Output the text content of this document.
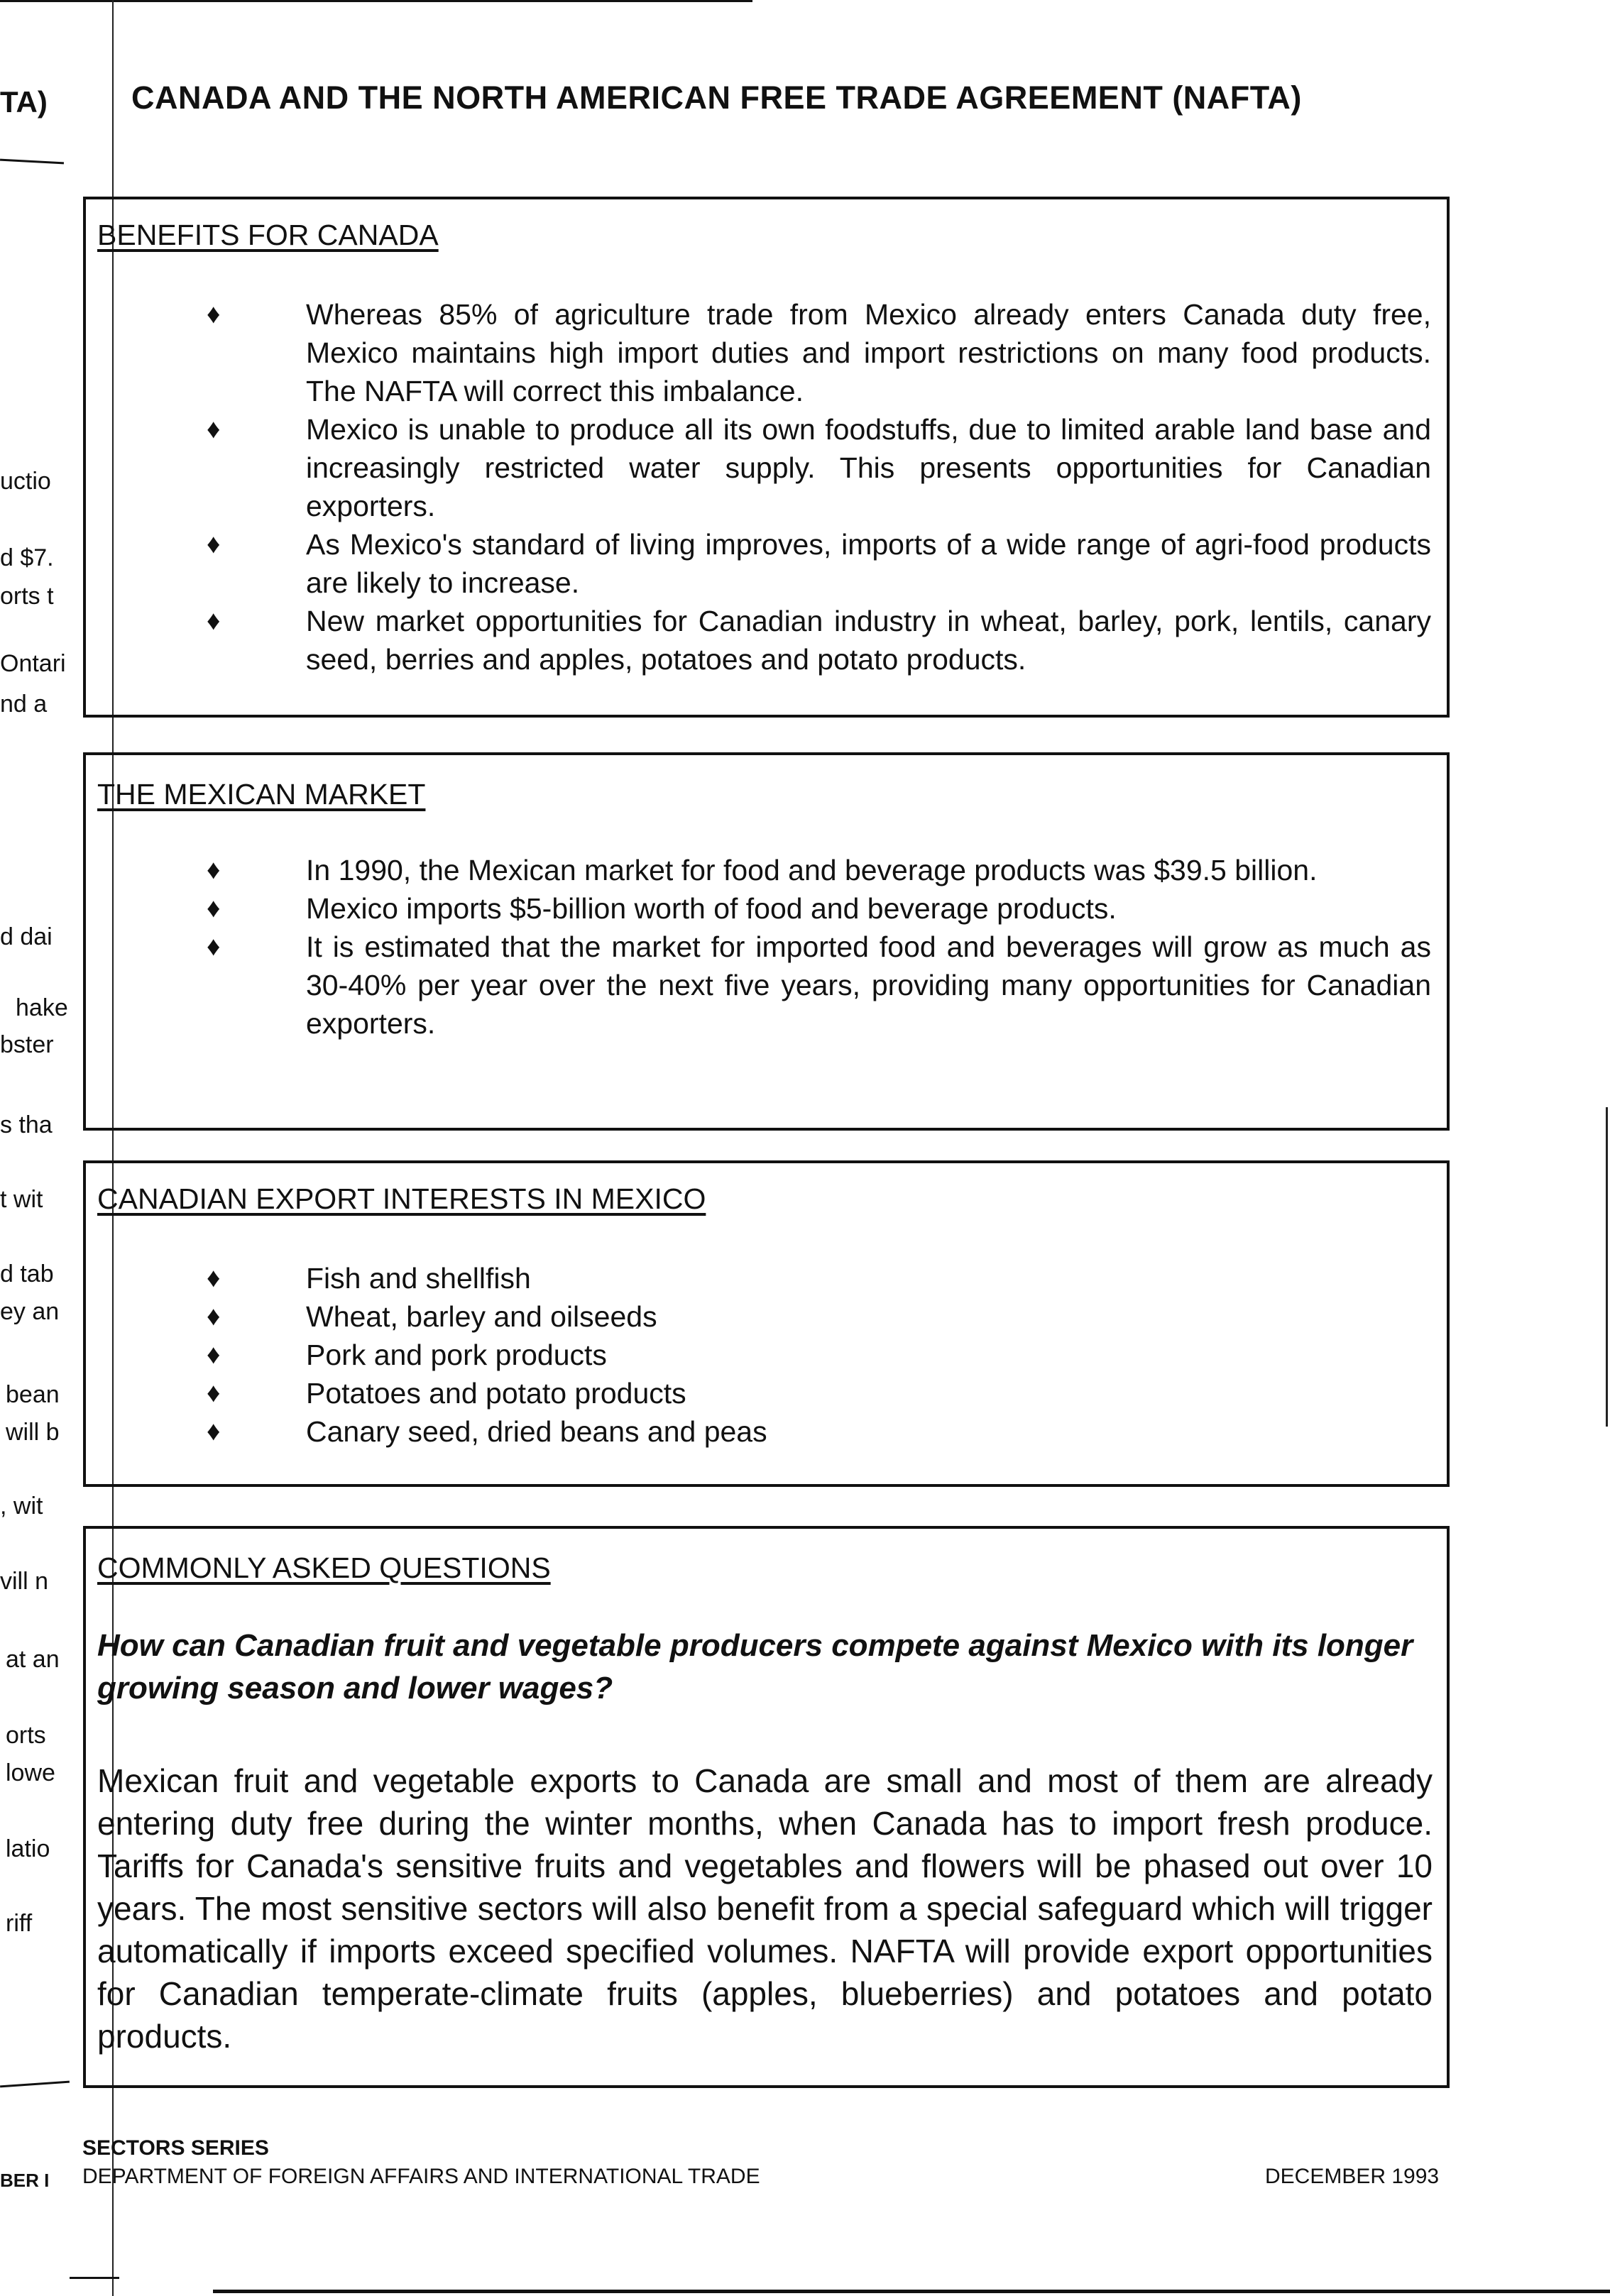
TA)
uctio
d $7.
orts t
Ontari
nd a
d dai
hake
bster
s tha
t wit
d tab
ey an
bean
will b
, wit
vill n
at an
orts
lowe
latio
riff
BER I
CANADA AND THE NORTH AMERICAN FREE TRADE AGREEMENT (NAFTA)
BENEFITS FOR CANADA
♦	Whereas 85% of agriculture trade from Mexico already enters Canada duty free, Mexico maintains high import duties and import restrictions on many food products. The NAFTA will correct this imbalance.
♦	Mexico is unable to produce all its own foodstuffs, due to limited arable land base and increasingly restricted water supply. This presents opportunities for Canadian exporters.
♦	As Mexico's standard of living improves, imports of a wide range of agri-food products are likely to increase.
♦	New market opportunities for Canadian industry in wheat, barley, pork, lentils, canary seed, berries and apples, potatoes and potato products.
THE MEXICAN MARKET
♦	In 1990, the Mexican market for food and beverage products was $39.5 billion.
♦	Mexico imports $5-billion worth of food and beverage products.
♦	It is estimated that the market for imported food and beverages will grow as much as 30-40% per year over the next five years, providing many opportunities for Canadian exporters.
CANADIAN EXPORT INTERESTS IN MEXICO
♦	Fish and shellfish
♦	Wheat, barley and oilseeds
♦	Pork and pork products
♦	Potatoes and potato products
♦	Canary seed, dried beans and peas
COMMONLY ASKED QUESTIONS
How can Canadian fruit and vegetable producers compete against Mexico with its longer growing season and lower wages?
Mexican fruit and vegetable exports to Canada are small and most of them are already entering duty free during the winter months, when Canada has to import fresh produce. Tariffs for Canada's sensitive fruits and vegetables and flowers will be phased out over 10 years. The most sensitive sectors will also benefit from a special safeguard which will trigger automatically if imports exceed specified volumes. NAFTA will provide export opportunities for Canadian temperate-climate fruits (apples, blueberries) and potatoes and potato products.
SECTORS SERIES
DEPARTMENT OF FOREIGN AFFAIRS AND INTERNATIONAL TRADE	DECEMBER 1993
